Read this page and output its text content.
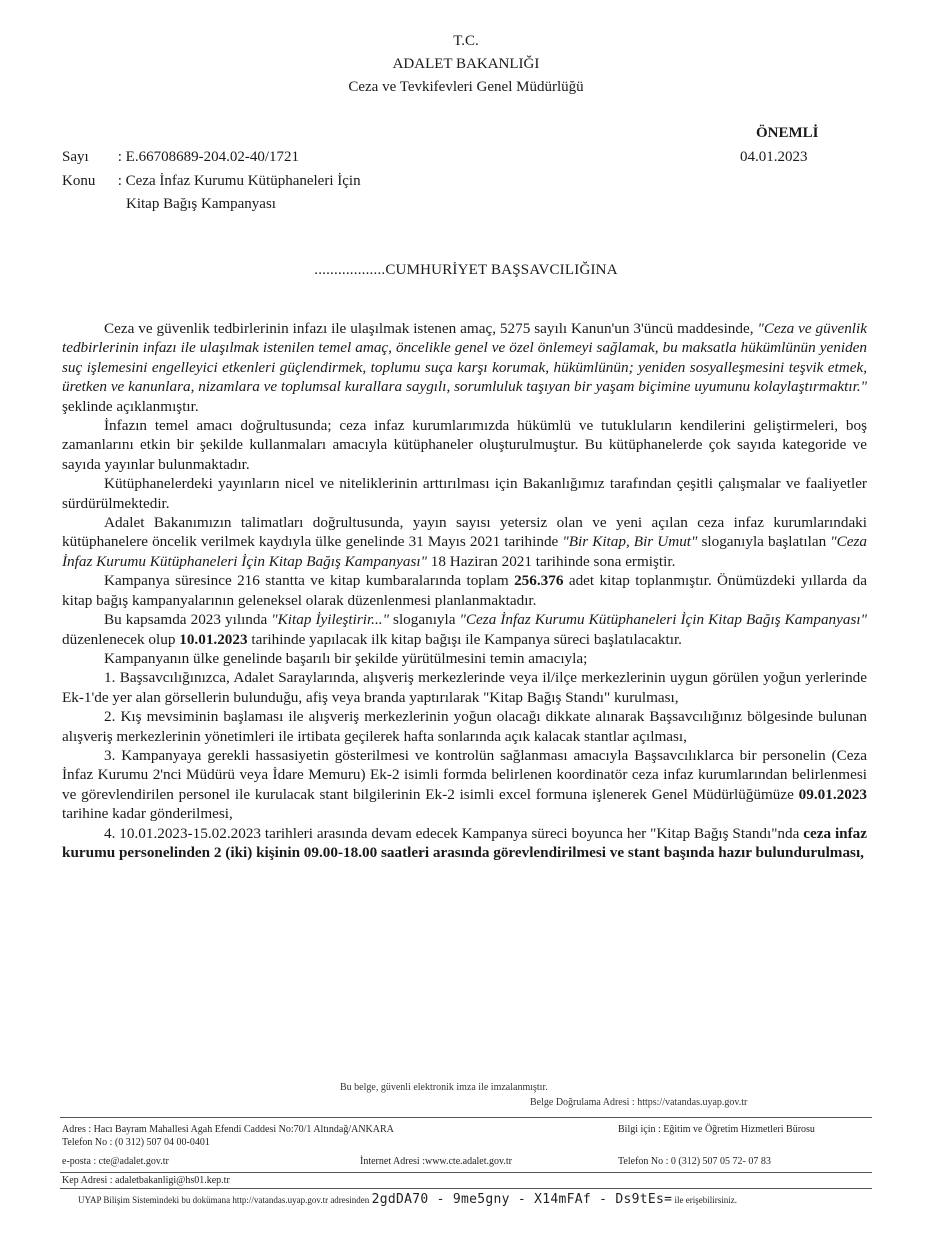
T.C.
ADALET BAKANLIĞI
Ceza ve Tevkifevleri Genel Müdürlüğü
ÖNEMLİ
04.01.2023
Sayı : E.66708689-204.02-40/1721
Konu : Ceza İnfaz Kurumu Kütüphaneleri İçin
Kitap Bağış Kampanyası
..................CUMHURİYET BAŞSAVCILIĞINA

Ceza ve güvenlik tedbirlerinin infazı ile ulaşılmak istenen amaç, 5275 sayılı Kanun'un 3'üncü maddesinde, "Ceza ve güvenlik tedbirlerinin infazı ile ulaşılmak istenilen temel amaç, öncelikle genel ve özel önlemeyi sağlamak, bu maksatla hükümlünün yeniden suç işlemesini engelleyici etkenleri güçlendirmek, toplumu suça karşı korumak, hükümlünün; yeniden sosyalleşmesini teşvik etmek, üretken ve kanunlara, nizamlara ve toplumsal kurallara saygılı, sorumluluk taşıyan bir yaşam biçimine uyumunu kolaylaştırmaktır." şeklinde açıklanmıştır.

İnfazın temel amacı doğrultusunda; ceza infaz kurumlarımızda hükümlü ve tutukluların kendilerini geliştirmeleri, boş zamanlarını etkin bir şekilde kullanmaları amacıyla kütüphaneler oluşturulmuştur. Bu kütüphanelerde çok sayıda kategoride ve sayıda yayınlar bulunmaktadır.

Kütüphanelerdeki yayınların nicel ve niteliklerinin arttırılması için Bakanlığımız tarafından çeşitli çalışmalar ve faaliyetler sürdürülmektedir.

Adalet Bakanımızın talimatları doğrultusunda, yayın sayısı yetersiz olan ve yeni açılan ceza infaz kurumlarındaki kütüphanelere öncelik verilmek kaydıyla ülke genelinde 31 Mayıs 2021 tarihinde "Bir Kitap, Bir Umut" sloganıyla başlatılan "Ceza İnfaz Kurumu Kütüphaneleri İçin Kitap Bağış Kampanyası" 18 Haziran 2021 tarihinde sona ermiştir.

Kampanya süresince 216 stantta ve kitap kumbaralarında toplam 256.376 adet kitap toplanmıştır. Önümüzdeki yıllarda da kitap bağış kampanyalarının geleneksel olarak düzenlenmesi planlanmaktadır.

Bu kapsamda 2023 yılında "Kitap İyileştirir..." sloganıyla "Ceza İnfaz Kurumu Kütüphaneleri İçin Kitap Bağış Kampanyası" düzenlenecek olup 10.01.2023 tarihinde yapılacak ilk kitap bağışı ile Kampanya süreci başlatılacaktır.

Kampanyanın ülke genelinde başarılı bir şekilde yürütülmesini temin amacıyla;

1. Başsavcılığınızca, Adalet Saraylarında, alışveriş merkezlerinde veya il/ilçe merkezlerinin uygun görülen yoğun yerlerinde Ek-1'de yer alan görsellerin bulunduğu, afiş veya branda yaptırılarak "Kitap Bağış Standı" kurulması,

2. Kış mevsiminin başlaması ile alışveriş merkezlerinin yoğun olacağı dikkate alınarak Başsavcılığınız bölgesinde bulunan alışveriş merkezlerinin yönetimleri ile irtibata geçilerek hafta sonlarında açık kalacak stantlar açılması,

3. Kampanyaya gerekli hassasiyetin gösterilmesi ve kontrolün sağlanması amacıyla Başsavcılıklarca bir personelin (Ceza İnfaz Kurumu 2'nci Müdürü veya İdare Memuru) Ek-2 isimli formda belirlenen koordinatör ceza infaz kurumlarından belirlenmesi ve görevlendirilen personel ile kurulacak stant bilgilerinin Ek-2 isimli excel formuna işlenerek Genel Müdürlüğümüze 09.01.2023 tarihine kadar gönderilmesi,

4. 10.01.2023-15.02.2023 tarihleri arasında devam edecek Kampanya süreci boyunca her "Kitap Bağış Standı"nda ceza infaz kurumu personelinden 2 (iki) kişinin 09.00-18.00 saatleri arasında görevlendirilmesi ve stant başında hazır bulundurulması,

Bu belge, güvenli elektronik imza ile imzalanmıştır.
Belge Doğrulama Adresi : https://vatandas.uyap.gov.tr
Adres : Hacı Bayram Mahallesi Agah Efendi Caddesi No:70/1 Altındağ/ANKARA
Telefon No : (0 312) 507 04 00-0401
e-posta : cte@adalet.gov.tr	İnternet Adresi :www.cte.adalet.gov.tr
Bilgi için : Eğitim ve Öğretim Hizmetleri Bürosu
Telefon No : 0 (312) 507 05 72- 07 83
Kep Adresi : adaletbakanligi@hs01.kep.tr
UYAP Bilişim Sistemindeki bu dokümana http://vatandas.uyap.gov.tr adresinden 2gdDA70 - 9me5gny - X14mFAf - Ds9tEs= ile erişebilirsiniz.
